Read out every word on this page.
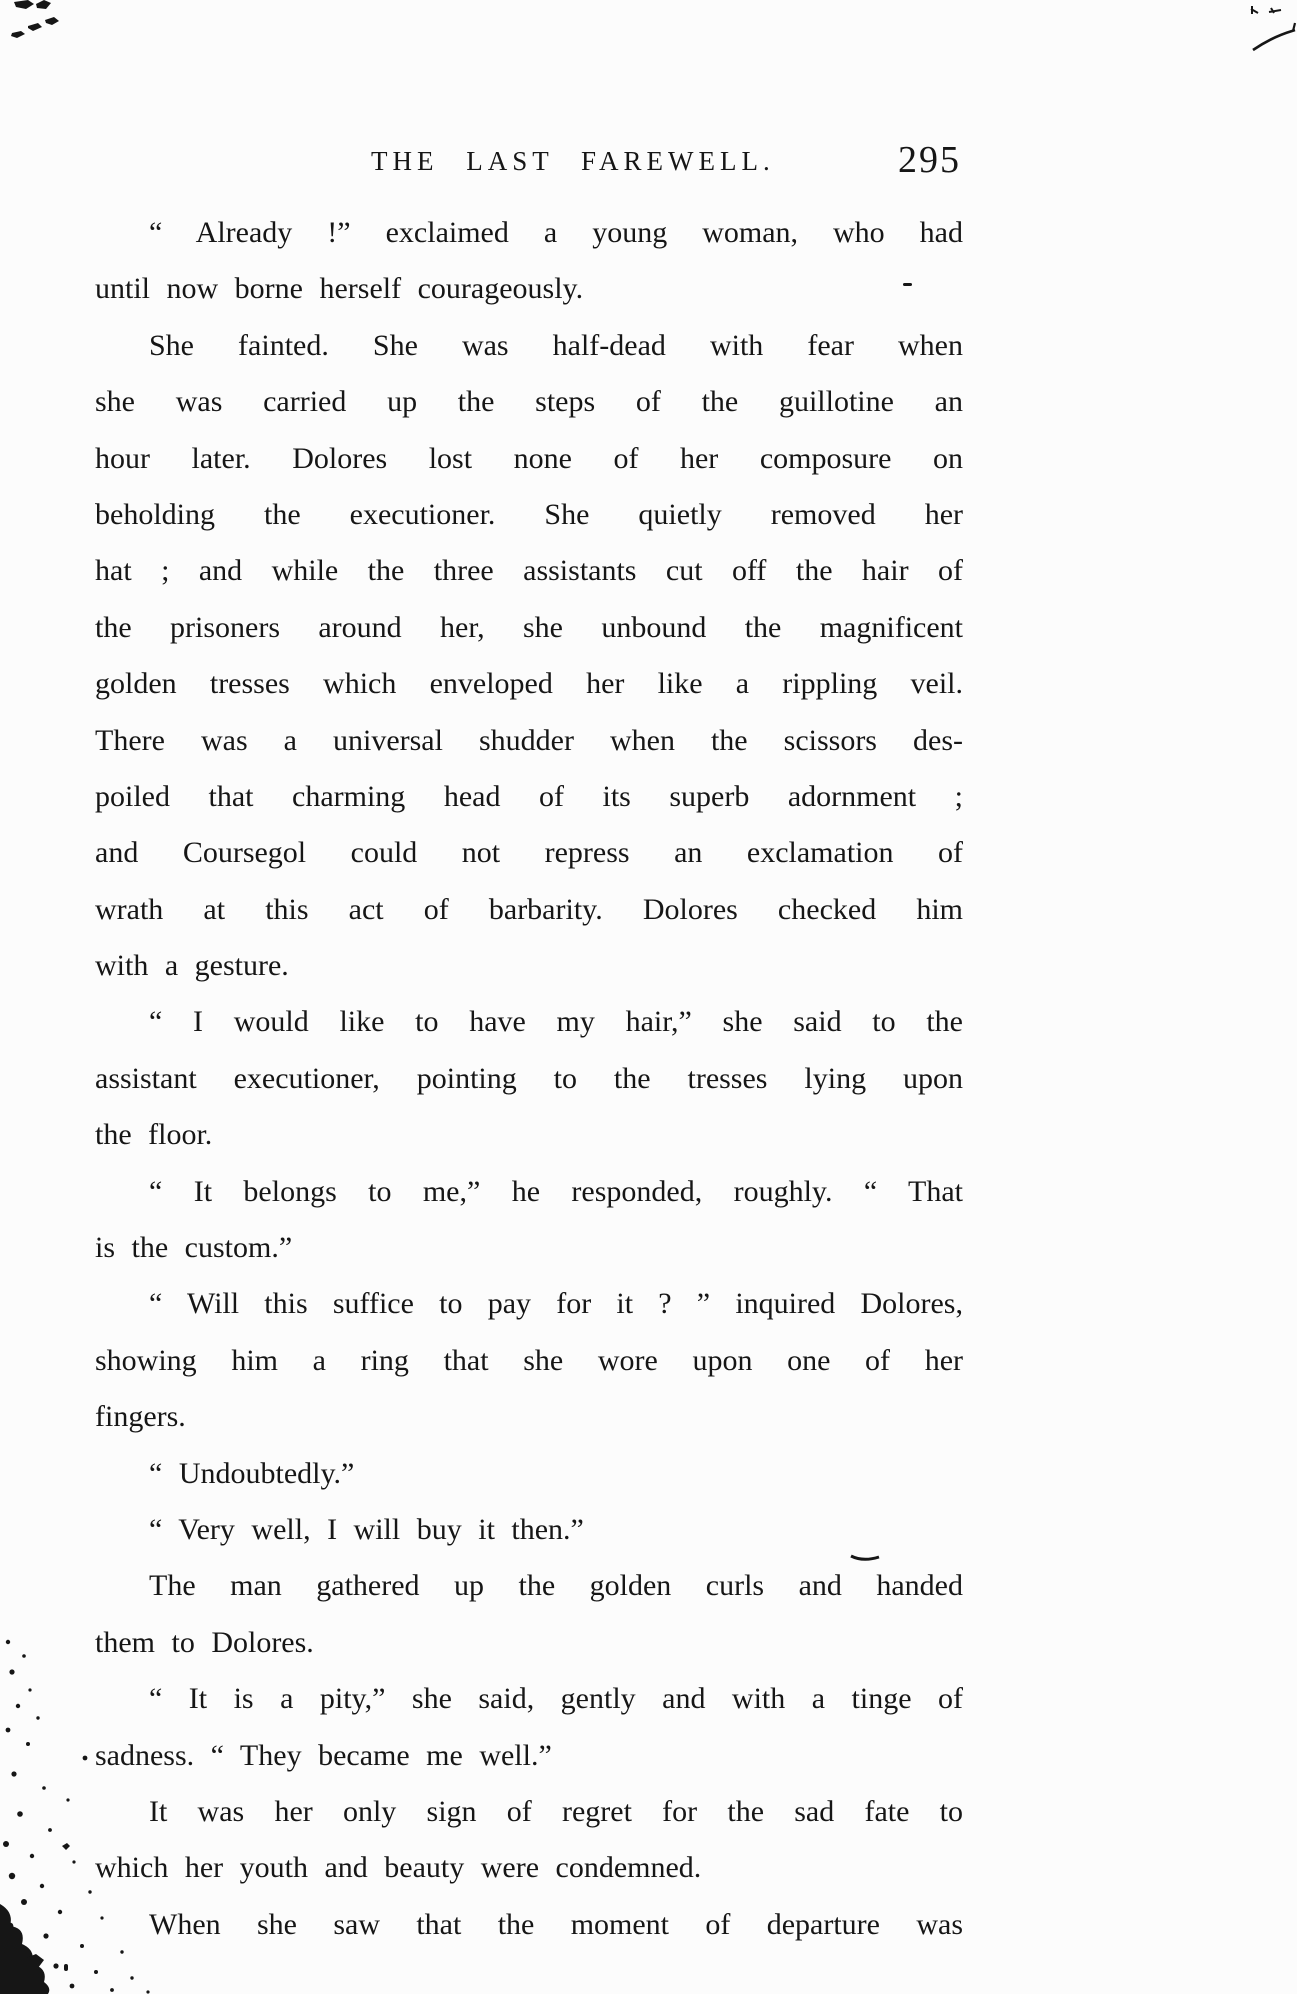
THE LAST FAREWELL.	295
“ Already !” exclaimed a young woman, who had
until now borne herself courageously.
She fainted. She was half-dead with fear when
she was carried up the steps of the guillotine an
hour later. Dolores lost none of her composure on
beholding the executioner. She quietly removed her
hat ; and while the three assistants cut off the hair of
the prisoners around her, she unbound the magnificent
golden tresses which enveloped her like a rippling veil.
There was a universal shudder when the scissors des-
poiled that charming head of its superb adornment ;
and Coursegol could not repress an exclamation of
wrath at this act of barbarity. Dolores checked him
with a gesture.
“ I would like to have my hair,” she said to the
assistant executioner, pointing to the tresses lying upon
the floor.
“ It belongs to me,” he responded, roughly. “ That
is the custom.”
“ Will this suffice to pay for it ? ” inquired Dolores,
showing him a ring that she wore upon one of her
fingers.
“ Undoubtedly.”
“ Very well, I will buy it then.”
The man gathered up the golden curls and handed
them to Dolores.
“ It is a pity,” she said, gently and with a tinge of
sadness. “ They became me well.”
It was her only sign of regret for the sad fate to
which her youth and beauty were condemned.
When she saw that the moment of departure was
